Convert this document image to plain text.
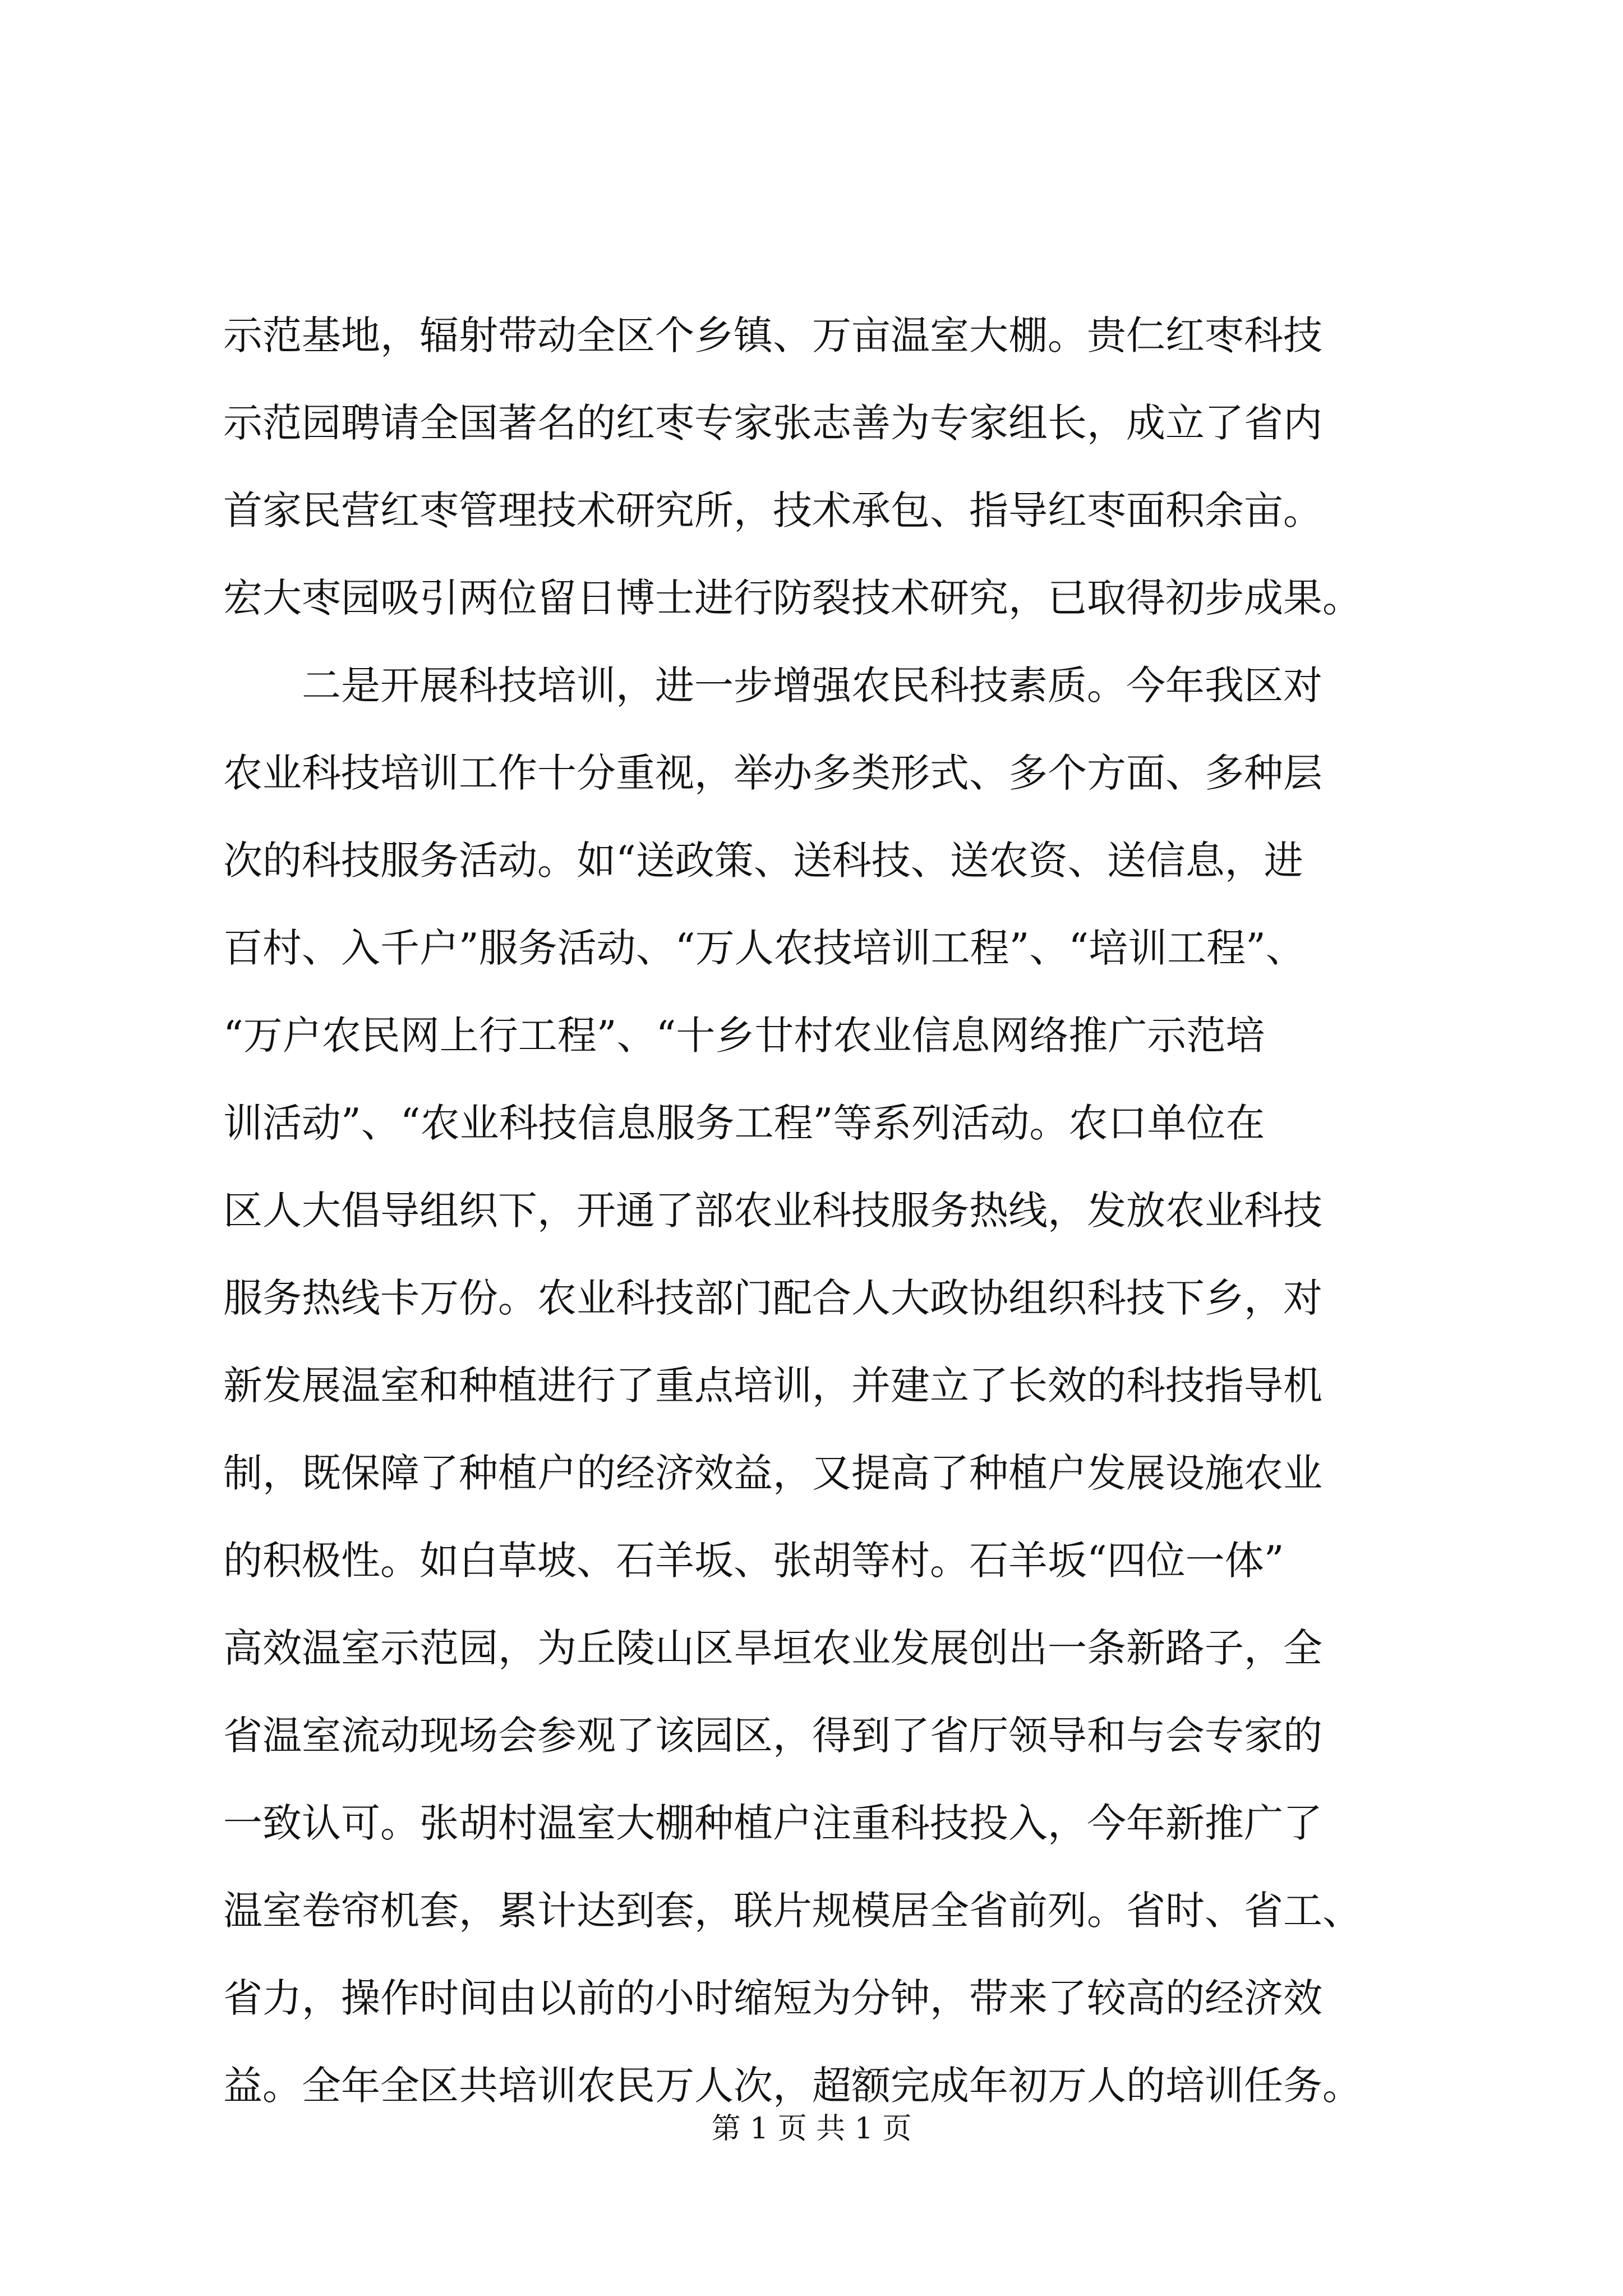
示范基地，辐射带动全区个乡镇、万亩温室大棚。贵仁红枣科技
示范园聘请全国著名的红枣专家张志善为专家组长，成立了省内
首家民营红枣管理技术研究所，技术承包、指导红枣面积余亩。
宏大枣园吸引两位留日博士进行防裂技术研究，已取得初步成果。
二是开展科技培训，进一步增强农民科技素质。今年我区对
农业科技培训工作十分重视，举办多类形式、多个方面、多种层
次的科技服务活动。如“送政策、送科技、送农资、送信息，进
百村、入千户”服务活动、“万人农技培训工程”、“培训工程”、
“万户农民网上行工程”、“十乡廿村农业信息网络推广示范培
训活动”、“农业科技信息服务工程”等系列活动。农口单位在
区人大倡导组织下，开通了部农业科技服务热线，发放农业科技
服务热线卡万份。农业科技部门配合人大政协组织科技下乡，对
新发展温室和种植进行了重点培训，并建立了长效的科技指导机
制，既保障了种植户的经济效益，又提高了种植户发展设施农业
的积极性。如白草坡、石羊坂、张胡等村。石羊坂“四位一体”
高效温室示范园，为丘陵山区旱垣农业发展创出一条新路子，全
省温室流动现场会参观了该园区，得到了省厅领导和与会专家的
一致认可。张胡村温室大棚种植户注重科技投入，今年新推广了
温室卷帘机套，累计达到套，联片规模居全省前列。省时、省工、
省力，操作时间由以前的小时缩短为分钟，带来了较高的经济效
益。全年全区共培训农民万人次，超额完成年初万人的培训任务。
第 1 页 共 1 页
